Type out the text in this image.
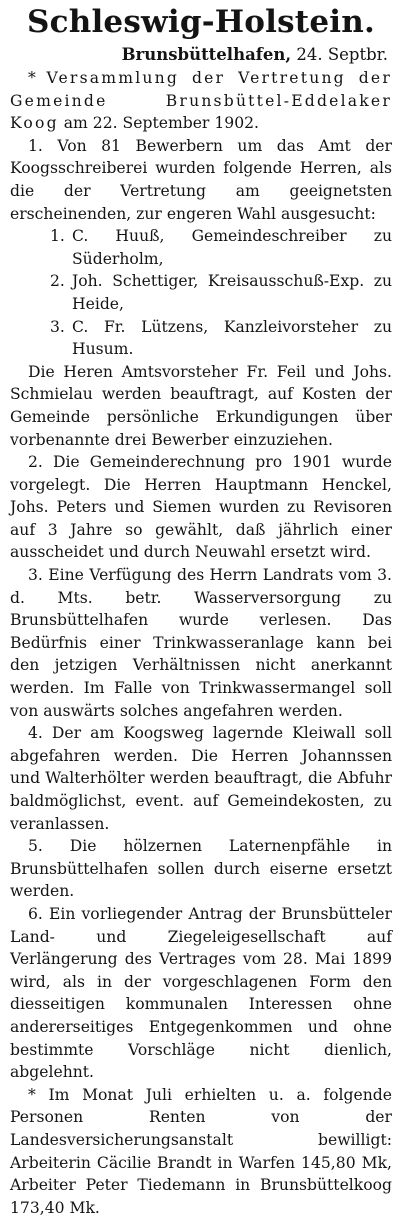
Schleswig-Holstein.
Brunsbüttelhafen, 24. Septbr.

* Versammlung der Vertretung der Gemeinde Brunsbüttel-Eddelaker Koog am 22. September 1902.

1. Von 81 Bewerbern um das Amt der Koogsschreiberei wurden folgende Herren, als die der Vertretung am geeignetsten erscheinenden, zur engeren Wahl ausgesucht:

1. C. Huuß, Gemeindeschreiber zu Süderholm,
2. Joh. Schettiger, Kreisausschuß-Exp. zu Heide,
3. C. Fr. Lützens, Kanzleivorsteher zu Husum.

Die Heren Amtsvorsteher Fr. Feil und Johs. Schmielau werden beauftragt, auf Kosten der Gemeinde persönliche Erkundigungen über vorbenannte drei Bewerber einzuziehen.

2. Die Gemeinderechnung pro 1901 wurde vorgelegt. Die Herren Hauptmann Henckel, Johs. Peters und Siemen wurden zu Revisoren auf 3 Jahre so gewählt, daß jährlich einer ausscheidet und durch Neuwahl ersetzt wird.

3. Eine Verfügung des Herrn Landrats vom 3. d. Mts. betr. Wasserversorgung zu Brunsbüttelhafen wurde verlesen. Das Bedürfnis einer Trinkwasseranlage kann bei den jetzigen Verhältnissen nicht anerkannt werden. Im Falle von Trinkwassermangel soll von auswärts solches angefahren werden.

4. Der am Koogsweg lagernde Kleiwall soll abgefahren werden. Die Herren Johannssen und Walterhölter werden beauftragt, die Abfuhr baldmöglichst, event. auf Gemeindekosten, zu veranlassen.

5. Die hölzernen Laternenpfähle in Brunsbüttelhafen sollen durch eiserne ersetzt werden.

6. Ein vorliegender Antrag der Brunsbütteler Land- und Ziegeleigesellschaft auf Verlängerung des Vertrages vom 28. Mai 1899 wird, als in der vorgeschlagenen Form den diesseitigen kommunalen Interessen ohne andererseitiges Entgegenkommen und ohne bestimmte Vorschläge nicht dienlich, abgelehnt.

* Im Monat Juli erhielten u. a. folgende Personen Renten von der Landesversicherungsanstalt bewilligt: Arbeiterin Cäcilie Brandt in Warfen 145,80 Mk, Arbeiter Peter Tiedemann in Brunsbüttelkoog 173,40 Mk.
